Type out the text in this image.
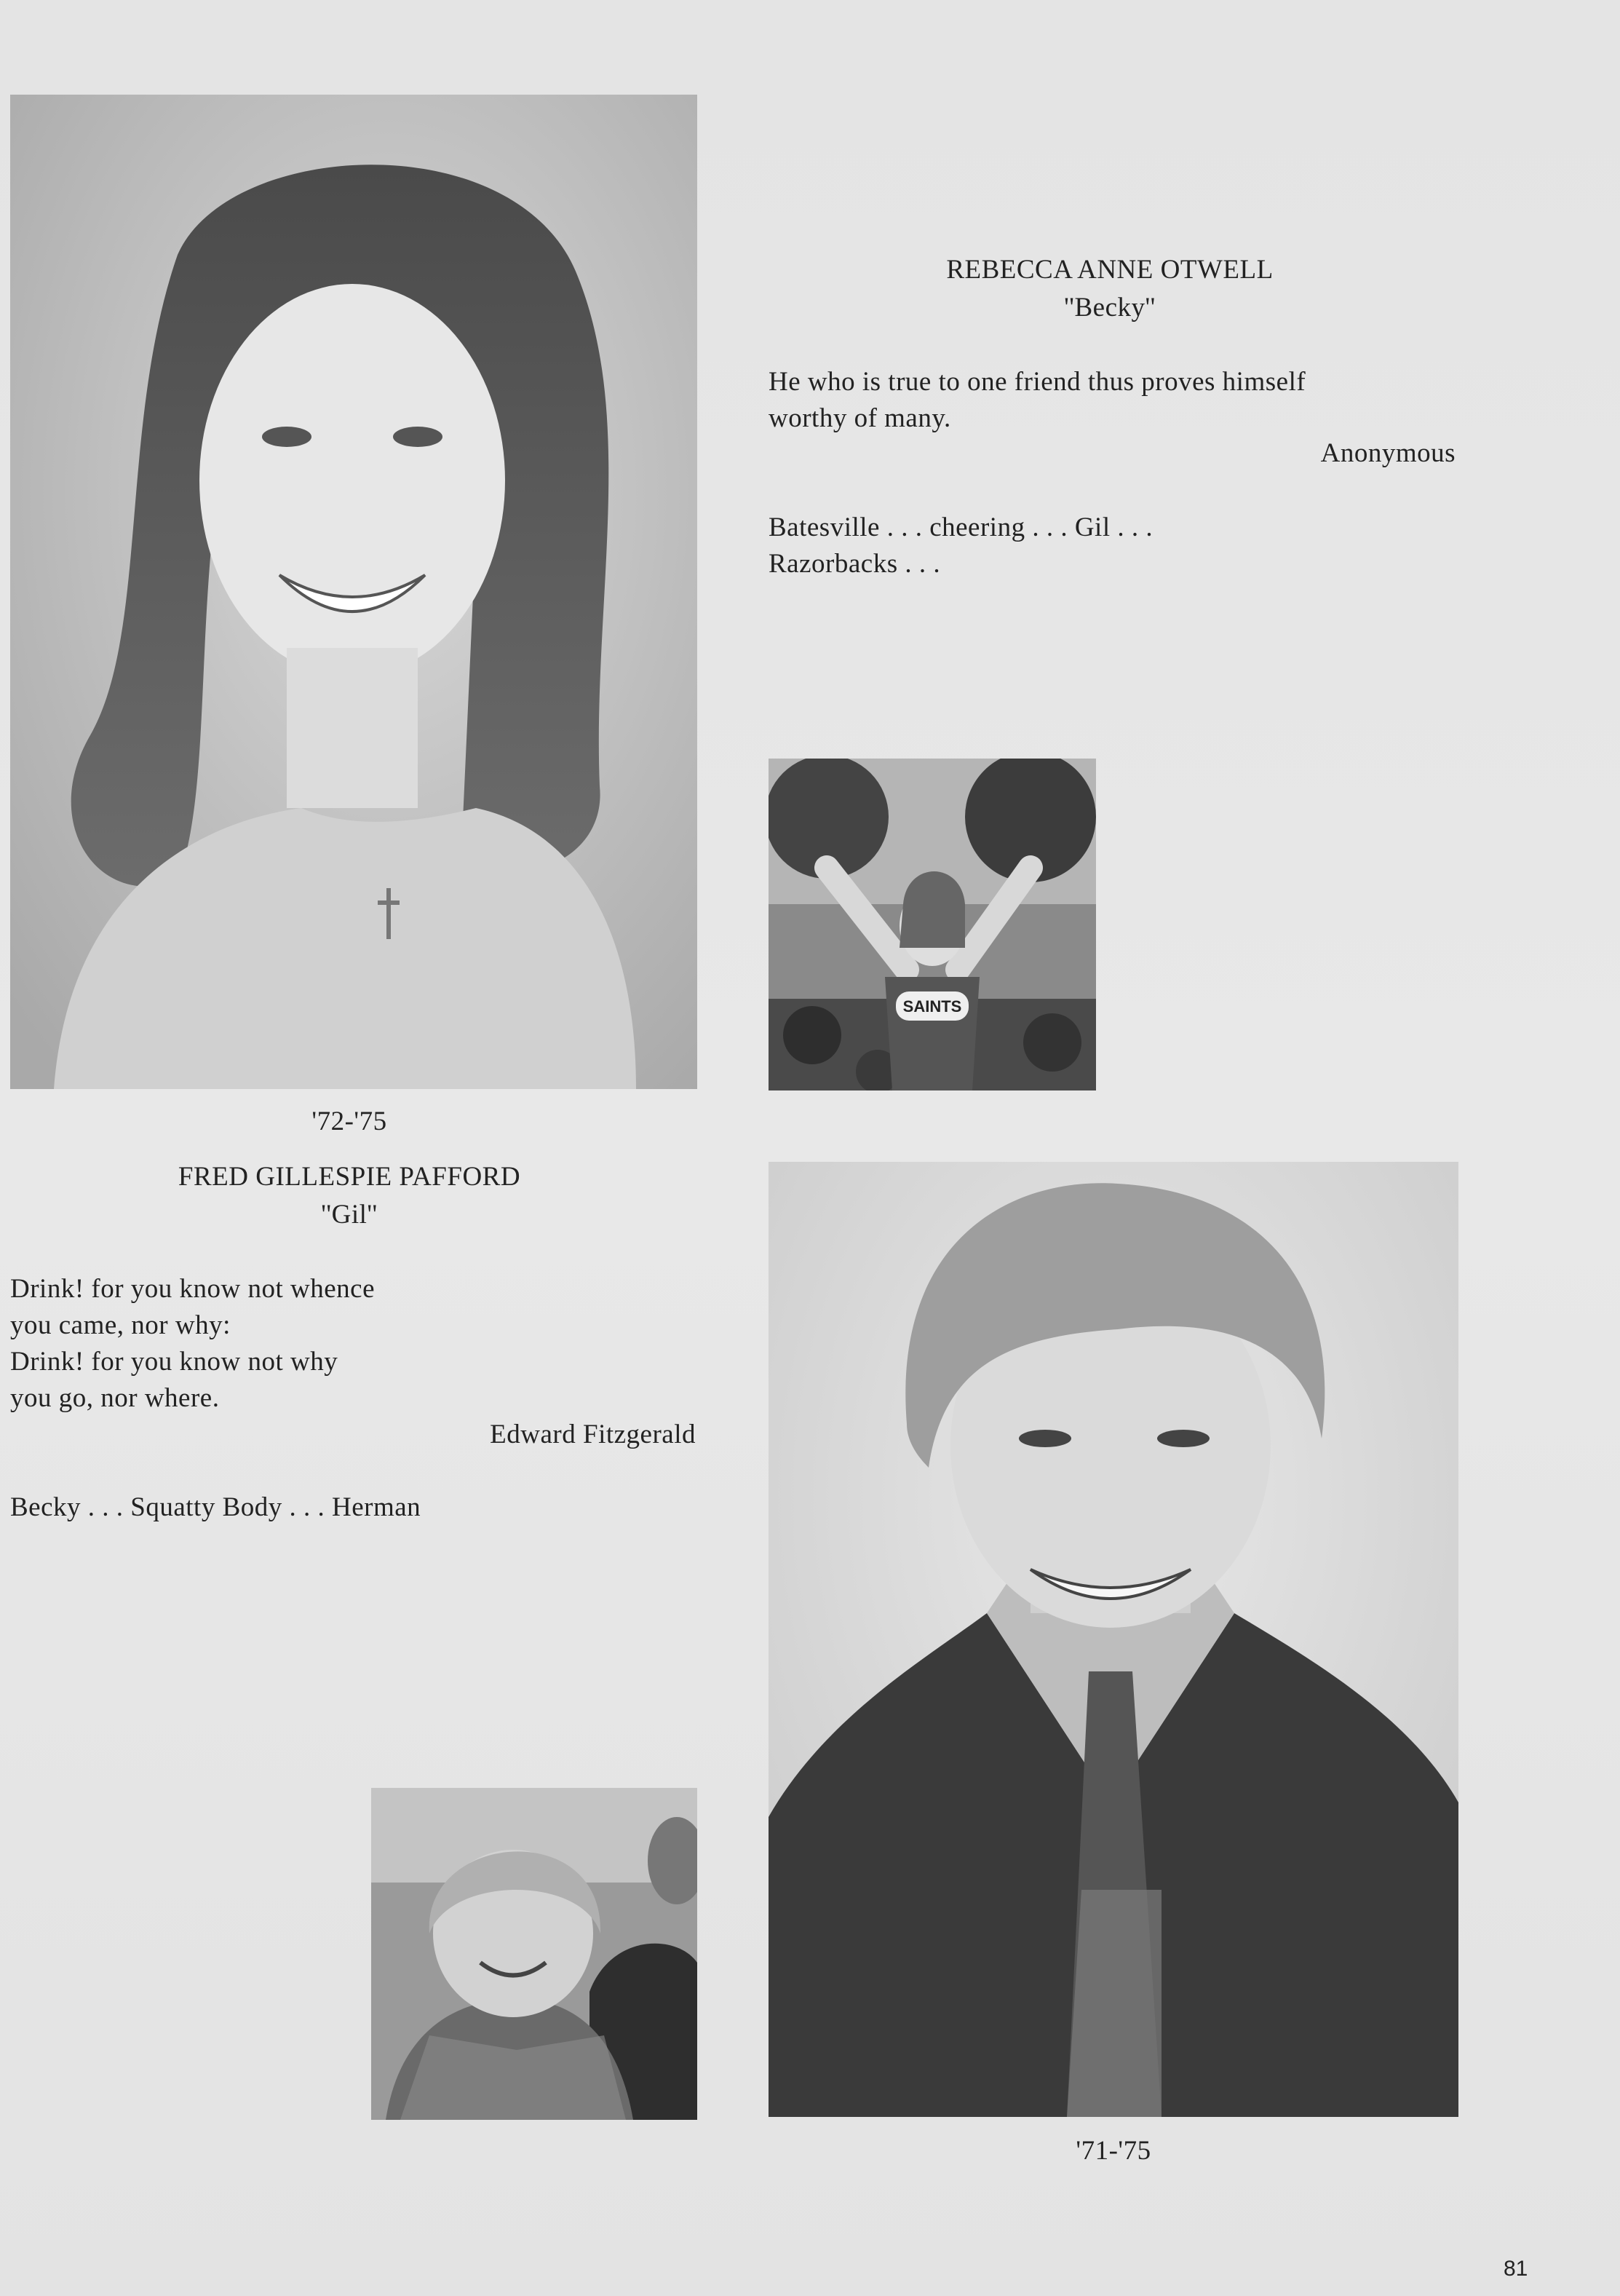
REBECCA ANNE OTWELL
''Becky''
He who is true to one friend thus proves himself
worthy of many.
Anonymous
Batesville . . . cheering . . . Gil . . .
Razorbacks . . .
SAINTS
'72-'75
FRED GILLESPIE PAFFORD
''Gil''
Drink! for you know not whence
you came, nor why:
Drink! for you know not why
you go, nor where.
Edward Fitzgerald
Becky . . . Squatty Body . . . Herman
'71-'75
81
